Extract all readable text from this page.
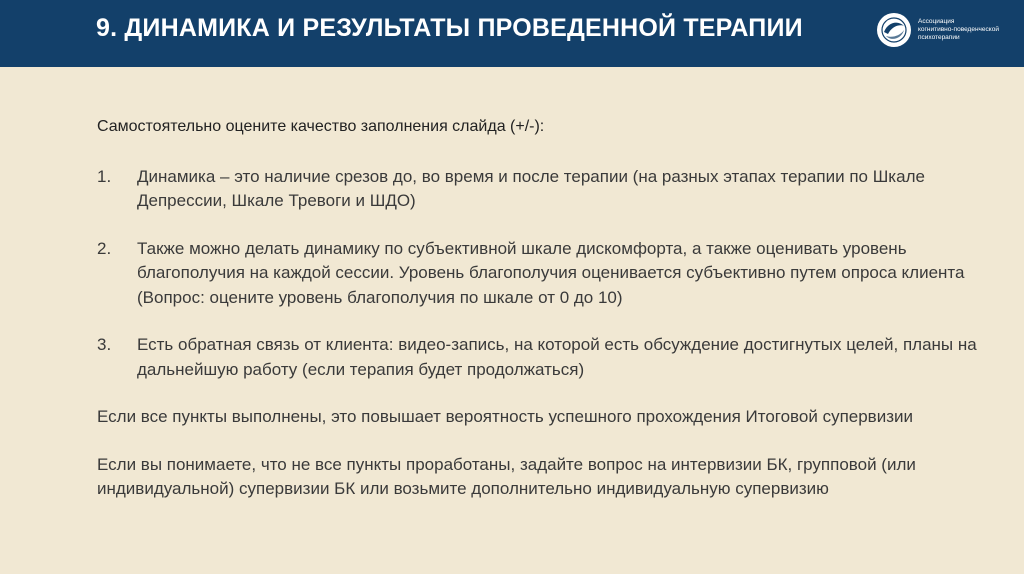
9. ДИНАМИКА И РЕЗУЛЬТАТЫ ПРОВЕДЕННОЙ ТЕРАПИИ	Ассоциация
когнитивно-поведенческой
психотерапии

Самостоятельно оцените качество заполнения слайда (+/-):

1. Динамика – это наличие срезов до, во время и после терапии (на разных этапах терапии по Шкале Депрессии, Шкале Тревоги и ШДО)
2. Также можно делать динамику по субъективной шкале дискомфорта, а также оценивать уровень благополучия на каждой сессии. Уровень благополучия оценивается субъективно путем опроса клиента (Вопрос: оцените уровень благополучия по шкале от 0 до 10)
3. Есть обратная связь от клиента: видео-запись, на которой есть обсуждение достигнутых целей, планы на дальнейшую работу (если терапия будет продолжаться)

Если все пункты выполнены, это повышает вероятность успешного прохождения Итоговой супервизии

Если вы понимаете, что не все пункты проработаны, задайте вопрос на интервизии БК, групповой (или индивидуальной) супервизии БК или возьмите дополнительно индивидуальную супервизию
